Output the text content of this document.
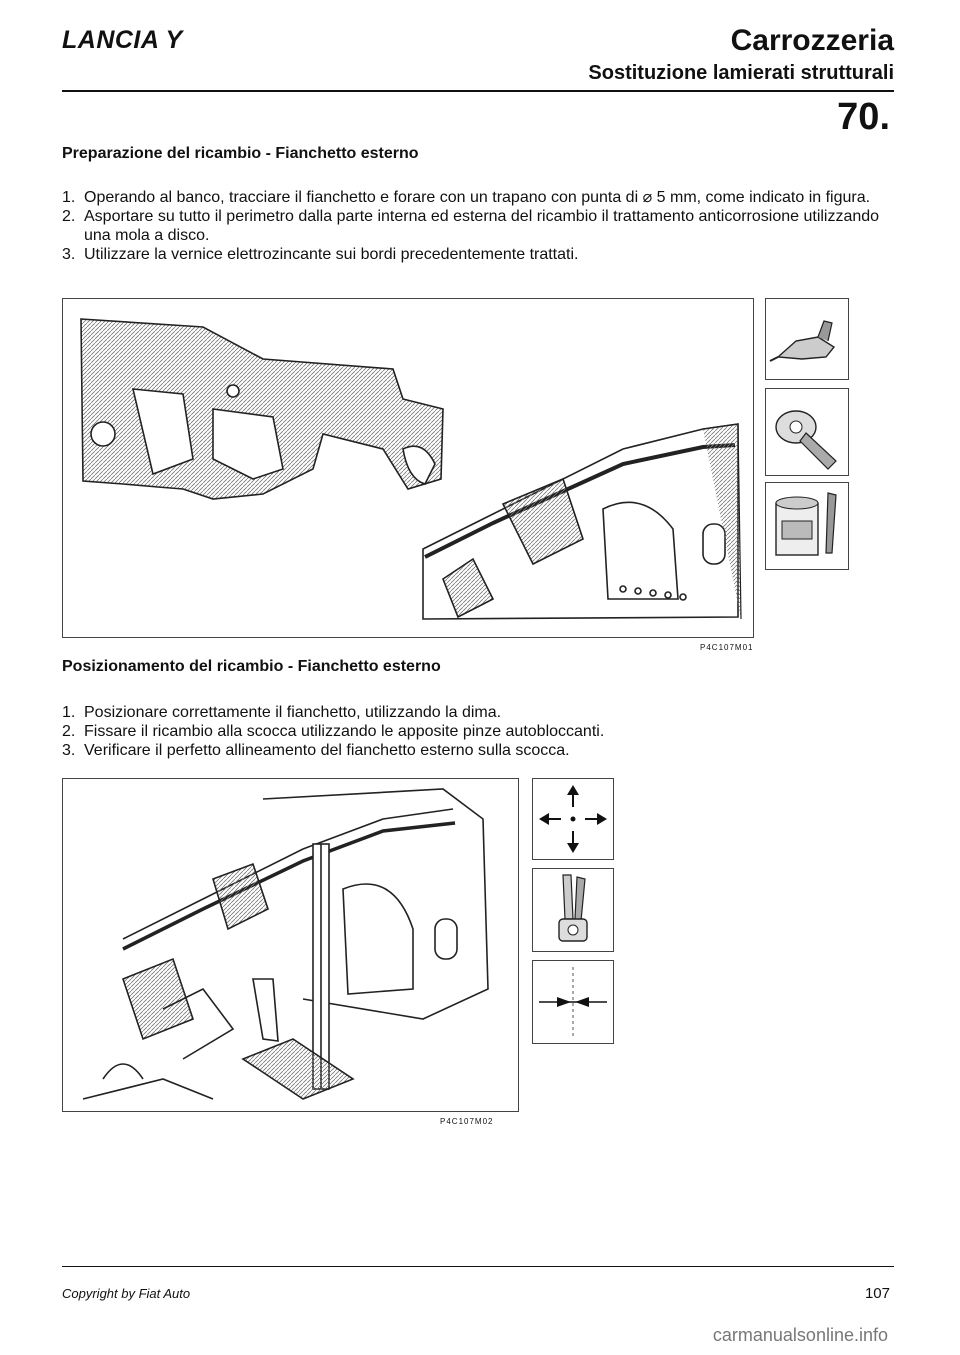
LANCIA Y	Carrozzeria
Sostituzione lamierati strutturali
70.
Preparazione del ricambio - Fianchetto esterno
1. Operando al banco, tracciare il fianchetto e forare con un trapano con punta di ⌀ 5 mm, come indicato in figura.
2. Asportare su tutto il perimetro dalla parte interna ed esterna del ricambio il trattamento anticorrosione utilizzando una mola a disco.
3. Utilizzare la vernice elettrozincante sui bordi precedentemente trattati.
P4C107M01
Posizionamento del ricambio - Fianchetto esterno
1. Posizionare correttamente il fianchetto, utilizzando la dima.
2. Fissare il ricambio alla scocca utilizzando le apposite pinze autobloccanti.
3. Verificare il perfetto allineamento del fianchetto esterno sulla scocca.
P4C107M02
Copyright by Fiat Auto	107
carmanualsonline.info
